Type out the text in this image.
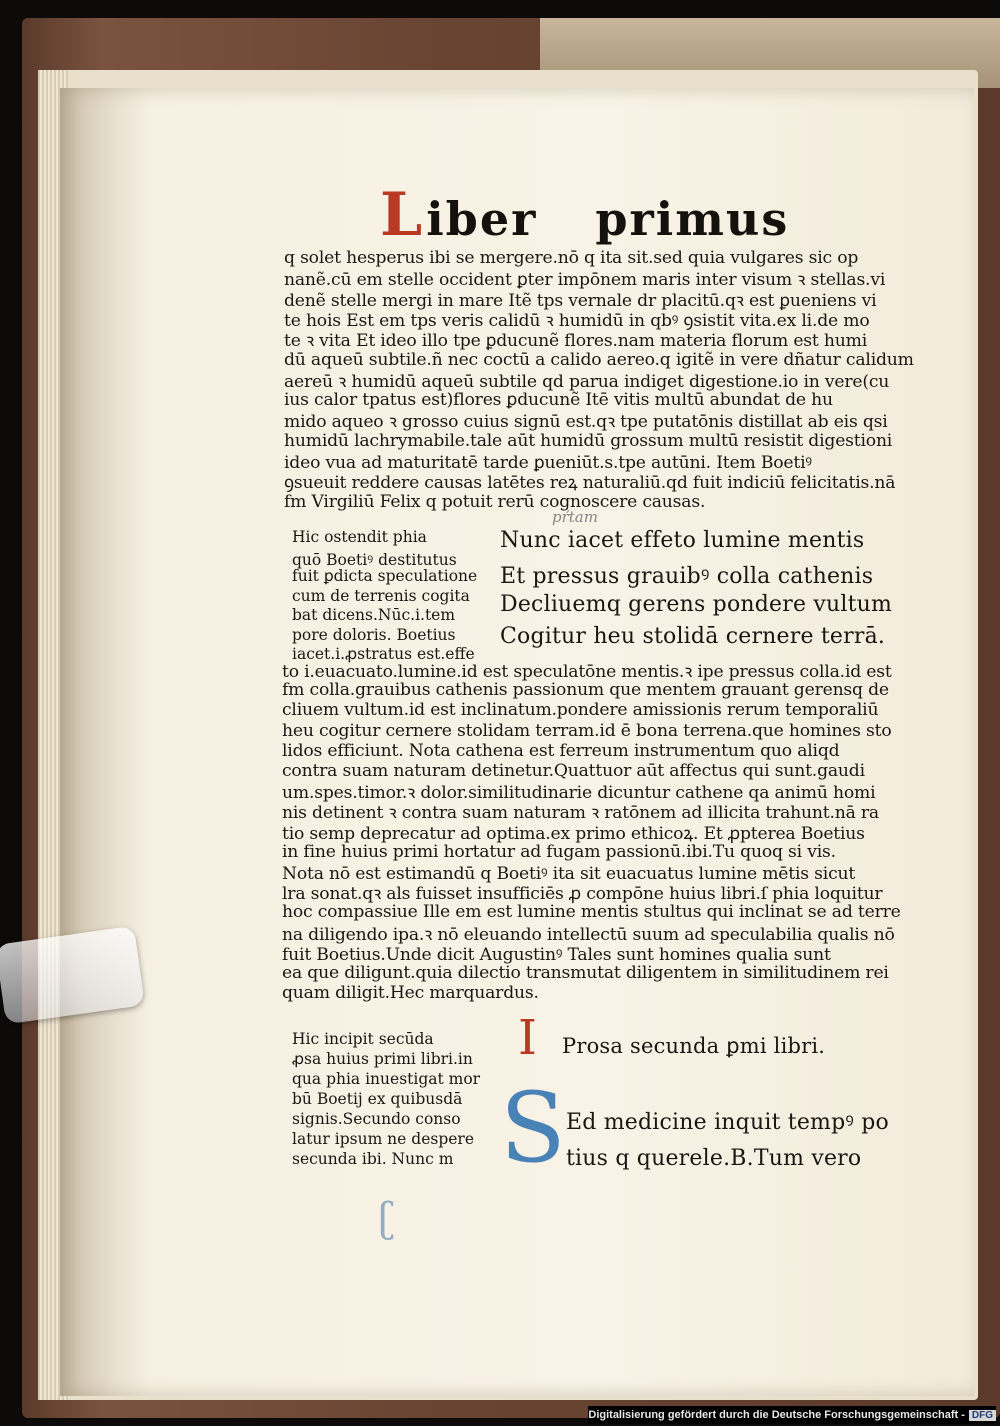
Liber primus
q solet hesperus ibi se mergere.nō q ita sit.sed quia vulgares sic op
nanẽ.cū em stelle occident ꝑter impōnem maris inter visum ꝛ stellas.vi
denẽ stelle mergi in mare Itẽ tps vernale dr placitū.qꝛ est ꝑueniens vi
te hois Est em tps veris calidū ꝛ humidū in qbꝰ ꝯsistit vita.ex li.de mo
te ꝛ vita Et ideo illo tpe ꝑducunẽ flores.nam materia florum est humi
dū aqueū subtile.ñ nec coctū a calido aereo.q igitẽ in vere dñatur calidum
aereū ꝛ humidū aqueū subtile qd parua indiget digestione.io in vere(cu
ius calor tpatus est)flores ꝑducunẽ Itē vitis multū abundat de hu
mido aqueo ꝛ grosso cuius signū est.qꝛ tpe putatōnis distillat ab eis qsi
humidū lachrymabile.tale aūt humidū grossum multū resistit digestioni
ideo vua ad maturitatē tarde ꝑueniūt.s.tpe autūni. Item Boetiꝰ
ꝯsueuit reddere causas latētes reꝝ naturaliū.qd fuit indiciū felicitatis.nā
fm Virgiliū Felix q potuit rerū cognoscere causas.
pŕtam
Hic ostendit phia
quō Boetiꝰ destitutus
fuit ꝑdicta speculatione
cum de terrenis cogita
bat dicens.Nūc.i.tem
pore doloris. Boetius
iacet.i.ꝓstratus est.effe
Nunc iacet effeto lumine mentis
Et pressus grauibꝰ colla cathenis
Decliuemq gerens pondere vultum
Cogitur heu stolidā cernere terrā.
to i.euacuato.lumine.id est speculatōne mentis.ꝛ ipe pressus colla.id est
fm colla.grauibus cathenis passionum que mentem grauant gerensq de
cliuem vultum.id est inclinatum.pondere amissionis rerum temporaliū
heu cogitur cernere stolidam terram.id ē bona terrena.que homines sto
lidos efficiunt. Nota cathena est ferreum instrumentum quo aliqd
contra suam naturam detinetur.Quattuor aūt affectus qui sunt.gaudi
um.spes.timor.ꝛ dolor.similitudinarie dicuntur cathene qa animū homi
nis detinent ꝛ contra suam naturam ꝛ ratōnem ad illicita trahunt.nā ra
tio semp deprecatur ad optima.ex primo ethicoꝝ. Et ꝓpterea Boetius
in fine huius primi hortatur ad fugam passionū.ibi.Tu quoq si vis.
Nota nō est estimandū q Boetiꝰ ita sit euacuatus lumine mētis sicut
lra sonat.qꝛ als fuisset insufficiēs ꝓ compōne huius libri.ſ phia loquitur
hoc compassiue Ille em est lumine mentis stultus qui inclinat se ad terre
na diligendo ipa.ꝛ nō eleuando intellectū suum ad speculabilia qualis nō
fuit Boetius.Unde dicit Augustinꝰ Tales sunt homines qualia sunt
ea que diligunt.quia dilectio transmutat diligentem in similitudinem rei
quam diligit.Hec marquardus.
Hic incipit secūda
ꝓsa huius primi libri.in
qua phia inuestigat mor
bū Boetij ex quibusdā
signis.Secundo conso
latur ipsum ne despere
secunda ibi. Nunc m
I Prosa secunda ꝑmi libri.
S
ʗ
Ed medicine inquit tempꝰ po
tius q querele.B.Tum vero
Digitalisierung gefördert durch die Deutsche Forschungsgemeinschaft - DFG
